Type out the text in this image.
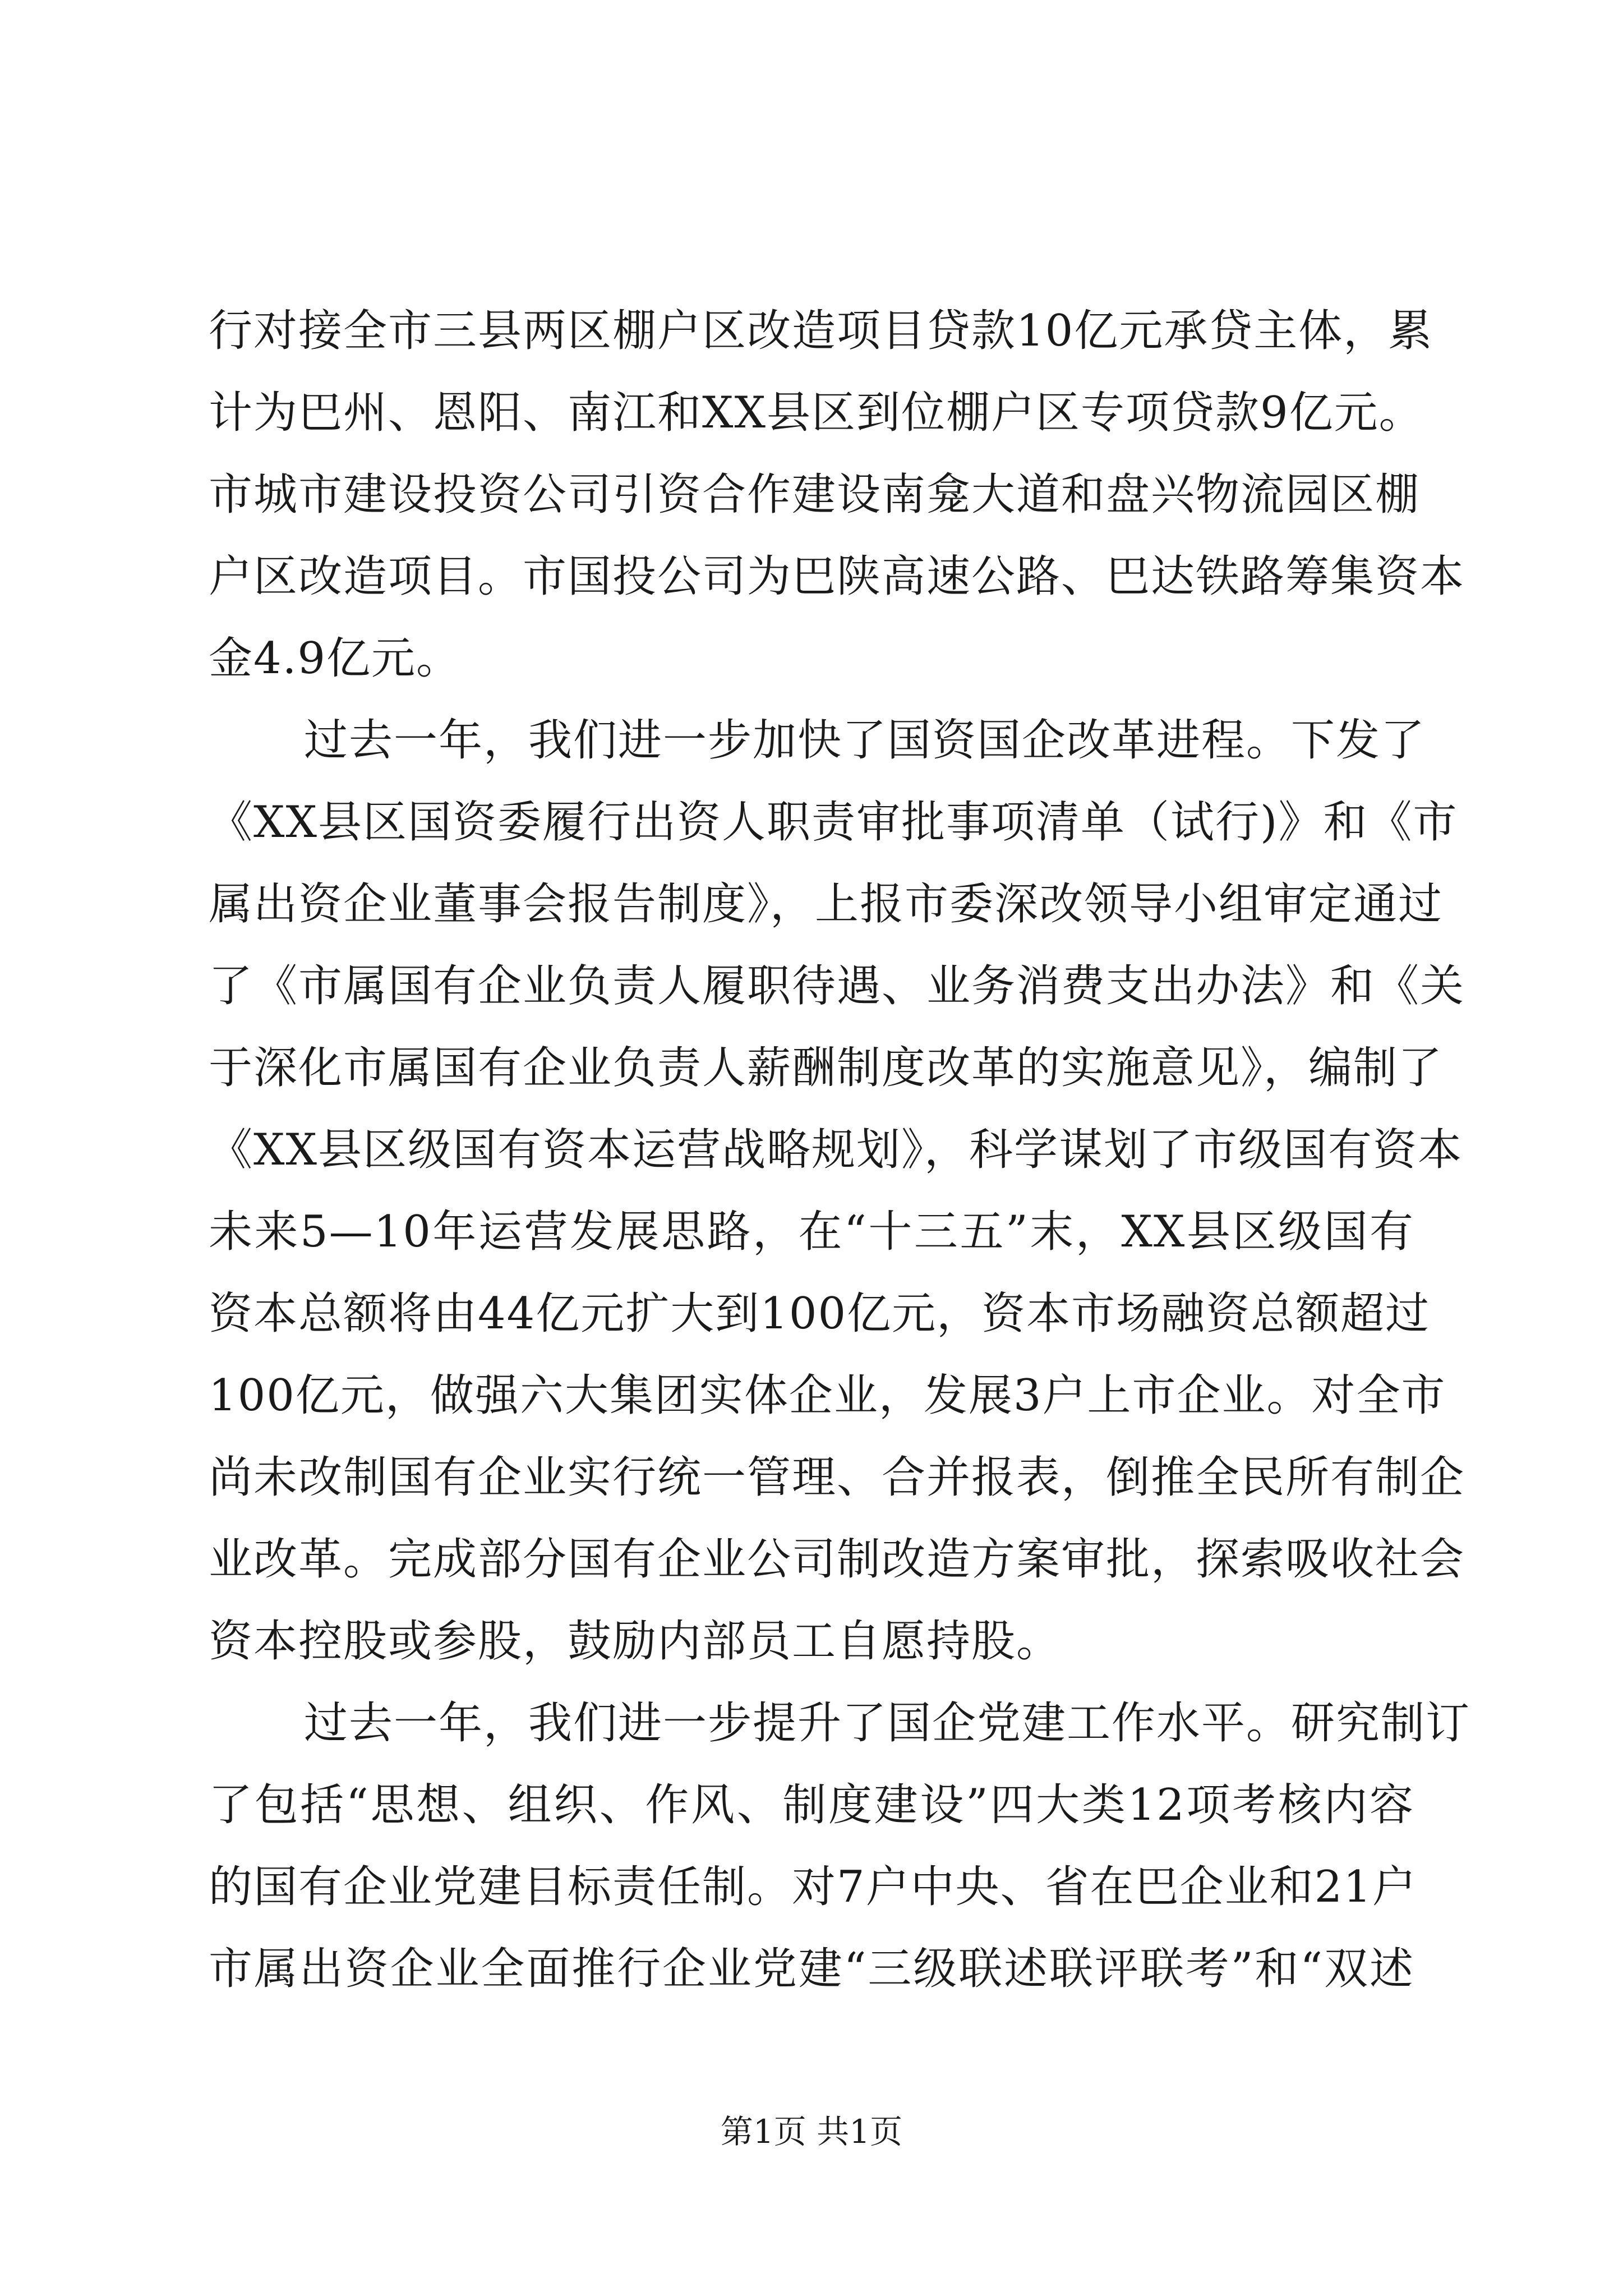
行对接全市三县两区棚户区改造项目贷款10亿元承贷主体，累
计为巴州、恩阳、南江和XX县区到位棚户区专项贷款9亿元。
市城市建设投资公司引资合作建设南龛大道和盘兴物流园区棚
户区改造项目。市国投公司为巴陕高速公路、巴达铁路筹集资本
金4.9亿元。
过去一年，我们进一步加快了国资国企改革进程。下发了
《XX县区国资委履行出资人职责审批事项清单（试行)》和《市
属出资企业董事会报告制度》，上报市委深改领导小组审定通过
了《市属国有企业负责人履职待遇、业务消费支出办法》和《关
于深化市属国有企业负责人薪酬制度改革的实施意见》，编制了
《XX县区级国有资本运营战略规划》，科学谋划了市级国有资本
未来5—10年运营发展思路，在“十三五”末，XX县区级国有
资本总额将由44亿元扩大到100亿元，资本市场融资总额超过
100亿元，做强六大集团实体企业，发展3户上市企业。对全市
尚未改制国有企业实行统一管理、合并报表，倒推全民所有制企
业改革。完成部分国有企业公司制改造方案审批，探索吸收社会
资本控股或参股，鼓励内部员工自愿持股。
过去一年，我们进一步提升了国企党建工作水平。研究制订
了包括“思想、组织、作风、制度建设”四大类12项考核内容
的国有企业党建目标责任制。对7户中央、省在巴企业和21户
市属出资企业全面推行企业党建“三级联述联评联考”和“双述
第1页 共1页
